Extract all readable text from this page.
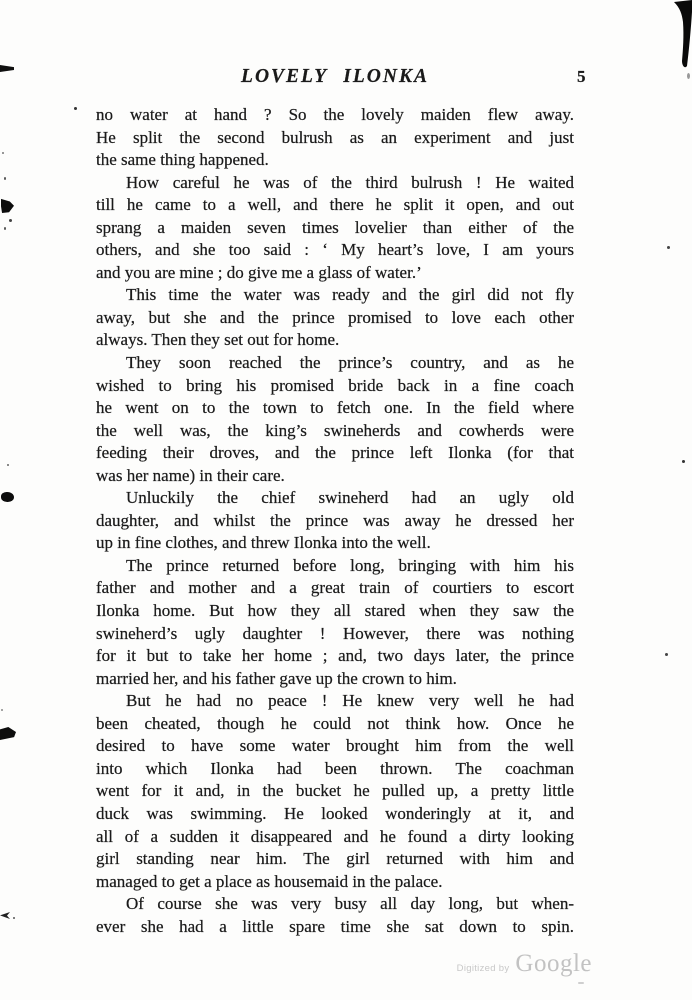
LOVELY ILONKA	5
no water at hand ? So the lovely maiden flew away.
He split the second bulrush as an experiment and just
the same thing happened.
How careful he was of the third bulrush ! He waited
till he came to a well, and there he split it open, and out
sprang a maiden seven times lovelier than either of the
others, and she too said : ‘ My heart’s love, I am yours
and you are mine ; do give me a glass of water.’
This time the water was ready and the girl did not fly
away, but she and the prince promised to love each other
always. Then they set out for home.
They soon reached the prince’s country, and as he
wished to bring his promised bride back in a fine coach
he went on to the town to fetch one. In the field where
the well was, the king’s swineherds and cowherds were
feeding their droves, and the prince left Ilonka (for that
was her name) in their care.
Unluckily the chief swineherd had an ugly old
daughter, and whilst the prince was away he dressed her
up in fine clothes, and threw Ilonka into the well.
The prince returned before long, bringing with him his
father and mother and a great train of courtiers to escort
Ilonka home. But how they all stared when they saw the
swineherd’s ugly daughter ! However, there was nothing
for it but to take her home ; and, two days later, the prince
married her, and his father gave up the crown to him.
But he had no peace ! He knew very well he had
been cheated, though he could not think how. Once he
desired to have some water brought him from the well
into which Ilonka had been thrown. The coachman
went for it and, in the bucket he pulled up, a pretty little
duck was swimming. He looked wonderingly at it, and
all of a sudden it disappeared and he found a dirty looking
girl standing near him. The girl returned with him and
managed to get a place as housemaid in the palace.
Of course she was very busy all day long, but when-
ever she had a little spare time she sat down to spin.
Digitized by Google
